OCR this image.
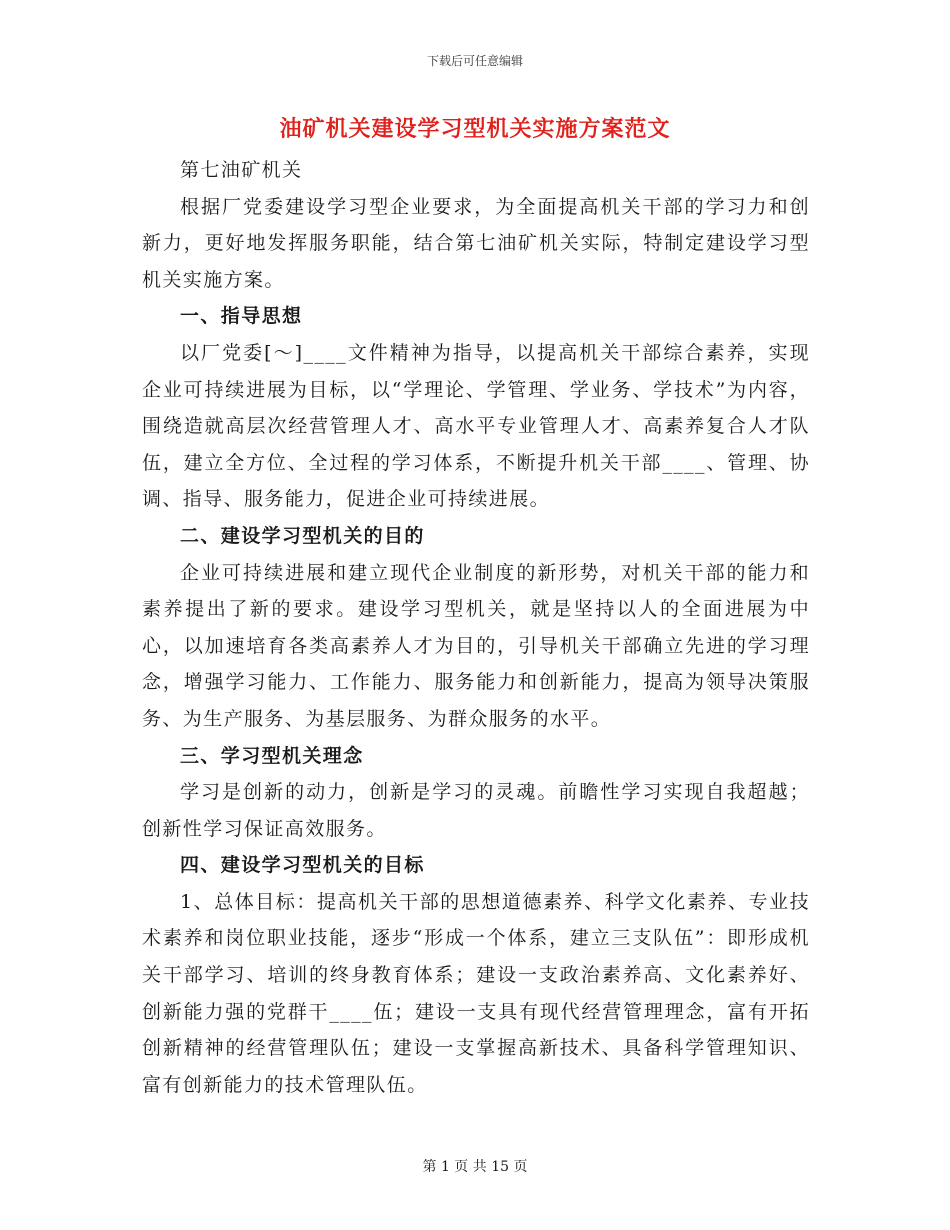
下载后可任意编辑
油矿机关建设学习型机关实施方案范文

第七油矿机关

根据厂党委建设学习型企业要求，为全面提高机关干部的学习力和创新力，更好地发挥服务职能，结合第七油矿机关实际，特制定建设学习型机关实施方案。

一、指导思想

以厂党委[～]____文件精神为指导，以提高机关干部综合素养，实现企业可持续进展为目标，以“学理论、学管理、学业务、学技术”为内容，围绕造就高层次经营管理人才、高水平专业管理人才、高素养复合人才队伍，建立全方位、全过程的学习体系，不断提升机关干部____、管理、协调、指导、服务能力，促进企业可持续进展。

二、建设学习型机关的目的

企业可持续进展和建立现代企业制度的新形势，对机关干部的能力和素养提出了新的要求。建设学习型机关，就是坚持以人的全面进展为中心，以加速培育各类高素养人才为目的，引导机关干部确立先进的学习理念，增强学习能力、工作能力、服务能力和创新能力，提高为领导决策服务、为生产服务、为基层服务、为群众服务的水平。

三、学习型机关理念

学习是创新的动力，创新是学习的灵魂。前瞻性学习实现自我超越；创新性学习保证高效服务。

四、建设学习型机关的目标

1、总体目标：提高机关干部的思想道德素养、科学文化素养、专业技术素养和岗位职业技能，逐步“形成一个体系，建立三支队伍”：即形成机关干部学习、培训的终身教育体系；建设一支政治素养高、文化素养好、创新能力强的党群干____伍；建设一支具有现代经营管理理念，富有开拓创新精神的经营管理队伍；建设一支掌握高新技术、具备科学管理知识、富有创新能力的技术管理队伍。

第 1 页 共 15 页
